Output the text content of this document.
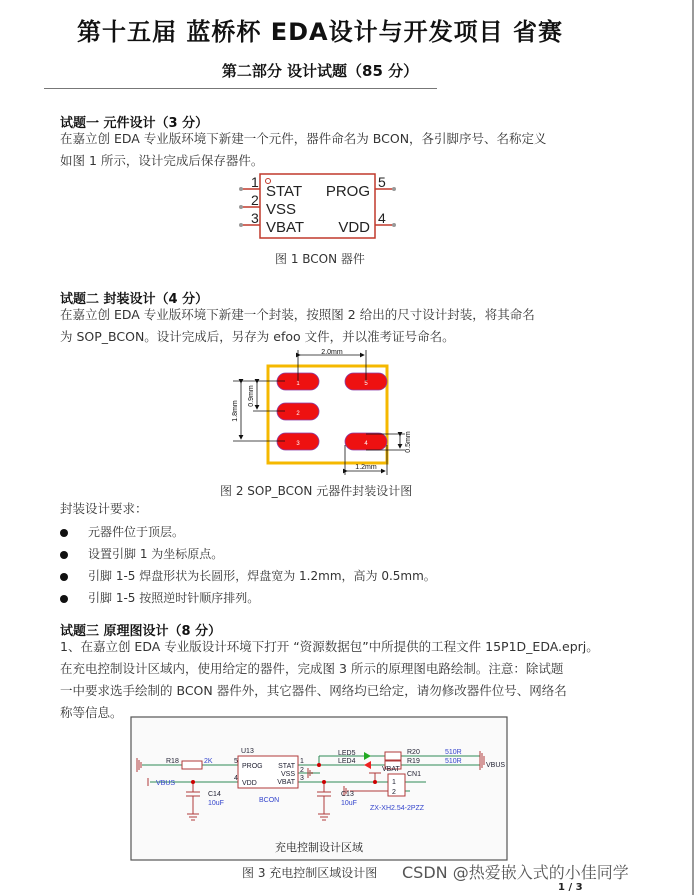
第十五届 蓝桥杯 EDA设计与开发项目 省赛
第二部分 设计试题（85 分）
试题一 元件设计（3 分）
在嘉立创 EDA 专业版环境下新建一个元件，器件命名为 BCON，各引脚序号、名称定义
如图 1 所示，设计完成后保存器件。
1
2
3
5
4
STAT
VSS
VBAT
PROG
VDD
图 1 BCON 器件
试题二 封装设计（4 分）
在嘉立创 EDA 专业版环境下新建一个封装，按照图 2 给出的尺寸设计封装，将其命名
为 SOP_BCON。设计完成后，另存为 efoo 文件，并以准考证号命名。
1
2
3	4
5
2.0mm
1.8mm
0.9mm
0.5mm
1.2mm
图 2 SOP_BCON 元器件封装设计图
封装设计要求：
元器件位于顶层。
设置引脚 1 为坐标原点。
引脚 1-5 焊盘形状为长圆形，焊盘宽为 1.2mm，高为 0.5mm。
引脚 1-5 按照逆时针顺序排列。
试题三 原理图设计（8 分）
1、在嘉立创 EDA 专业版设计环境下打开 “资源数据包”中所提供的工程文件 15P1D_EDA.eprj。
在充电控制设计区域内，使用给定的器件，完成图 3 所示的原理图电路绘制。注意：除试题
一中要求选手绘制的 BCON 器件外，其它器件、网络均已给定，请勿修改器件位号、网络名
称等信息。
R18	2K
U13
5
4
PROG
VDD
STAT
VSS
VBAT
1
2
3
BCON
VBUS
C14
10uF
C13
10uF
LED5
LED4
R20
R19
510R
510R
VBUS
VBAT
CN1
1
2
ZX-XH2.54-2PZZ
充电控制设计区域
图 3 充电控制区域设计图 CSDN @热爱嵌入式的小佳同学
1 / 3
